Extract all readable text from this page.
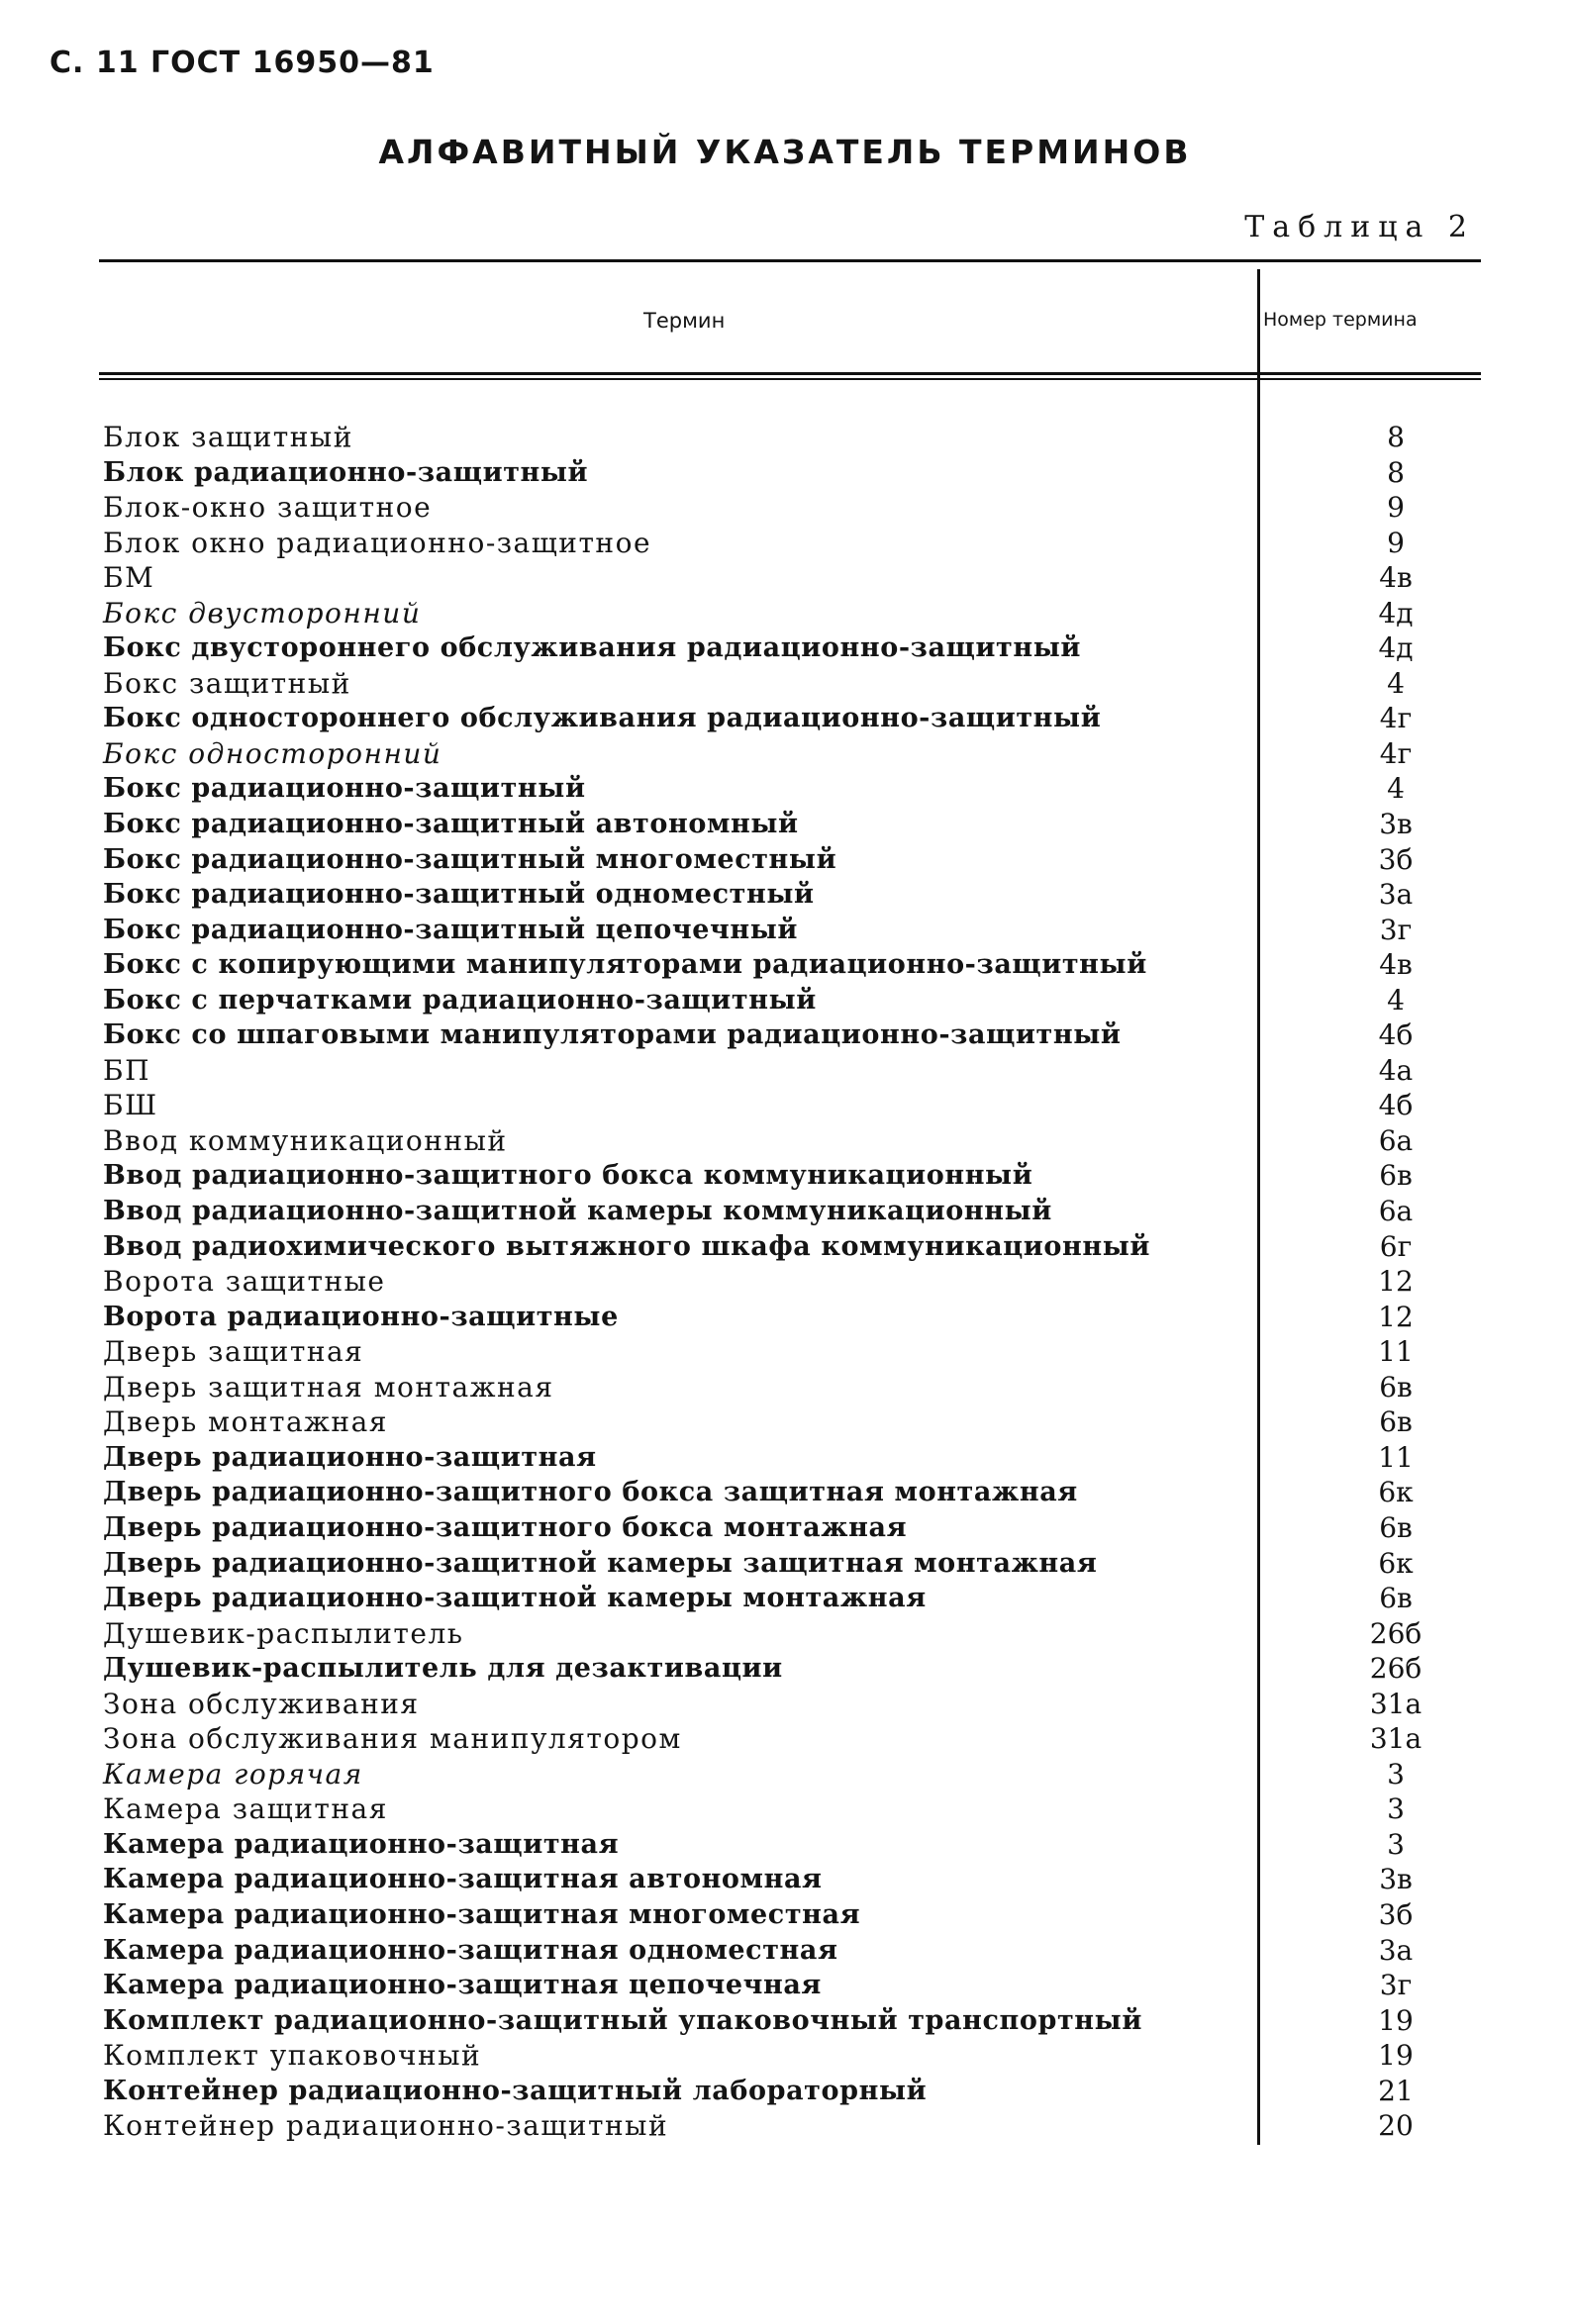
С. 11 ГОСТ 16950—81
АЛФАВИТНЫЙ УКАЗАТЕЛЬ ТЕРМИНОВ
Таблица 2
Термин	Номер термина
Блок защитный	8
Блок радиационно-защитный	8
Блок-окно защитное	9
Блок окно радиационно-защитное	9
БМ	4в
Бокс двусторонний	4д
Бокс двустороннего обслуживания радиационно-защитный	4д
Бокс защитный	4
Бокс одностороннего обслуживания радиационно-защитный	4г
Бокс односторонний	4г
Бокс радиационно-защитный	4
Бокс радиационно-защитный автономный	3в
Бокс радиационно-защитный многоместный	3б
Бокс радиационно-защитный одноместный	3а
Бокс радиационно-защитный цепочечный	3г
Бокс с копирующими манипуляторами радиационно-защитный	4в
Бокс с перчатками радиационно-защитный	4
Бокс со шпаговыми манипуляторами радиационно-защитный	4б
БП	4а
БШ	4б
Ввод коммуникационный	6а
Ввод радиационно-защитного бокса коммуникационный	6в
Ввод радиационно-защитной камеры коммуникационный	6а
Ввод радиохимического вытяжного шкафа коммуникационный	6г
Ворота защитные	12
Ворота радиационно-защитные	12
Дверь защитная	11
Дверь защитная монтажная	6в
Дверь монтажная	6в
Дверь радиационно-защитная	11
Дверь радиационно-защитного бокса защитная монтажная	6к
Дверь радиационно-защитного бокса монтажная	6в
Дверь радиационно-защитной камеры защитная монтажная	6к
Дверь радиационно-защитной камеры монтажная	6в
Душевик-распылитель	26б
Душевик-распылитель для дезактивации	26б
Зона обслуживания	31а
Зона обслуживания манипулятором	31а
Камера горячая	3
Камера защитная	3
Камера радиационно-защитная	3
Камера радиационно-защитная автономная	3в
Камера радиационно-защитная многоместная	3б
Камера радиационно-защитная одноместная	3а
Камера радиационно-защитная цепочечная	3г
Комплект радиационно-защитный упаковочный транспортный	19
Комплект упаковочный	19
Контейнер радиационно-защитный лабораторный	21
Контейнер радиационно-защитный	20
